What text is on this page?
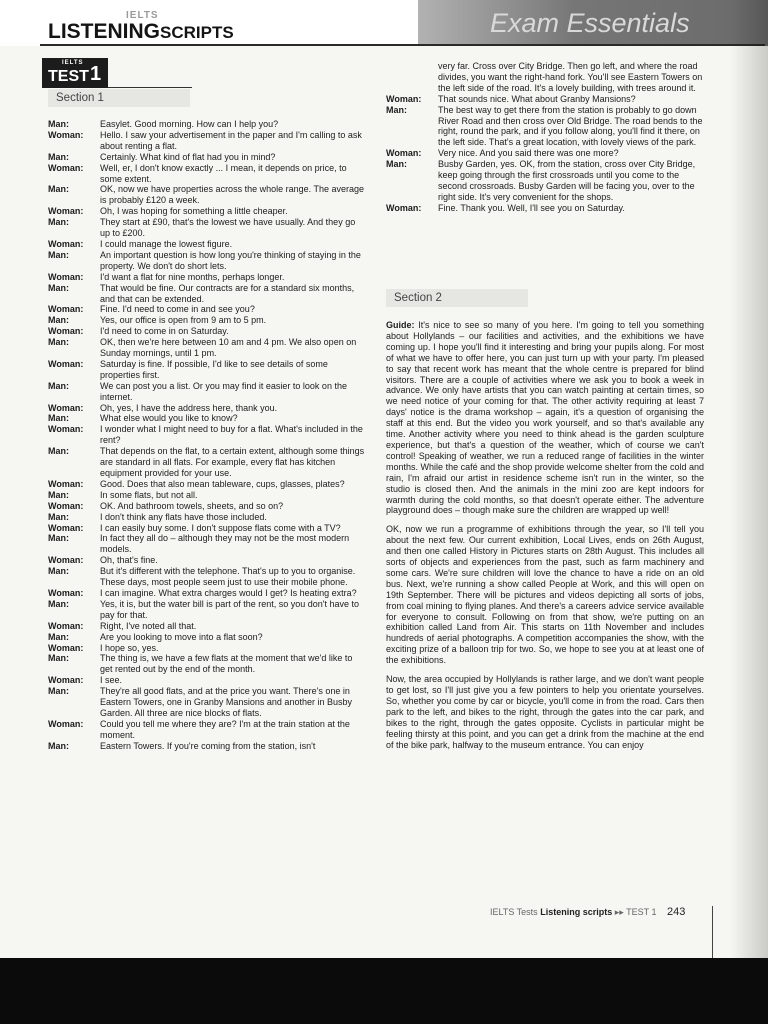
IELTS
LISTENINGSCRIPTS	Exam Essentials
IELTS
TEST 1
Section 1
Man:	Easylet. Good morning. How can I help you?
Woman:	Hello. I saw your advertisement in the paper and I'm calling to ask about renting a flat.
Man:	Certainly. What kind of flat had you in mind?
Woman:	Well, er, I don't know exactly ... I mean, it depends on price, to some extent.
Man:	OK, now we have properties across the whole range. The average is probably £120 a week.
Woman:	Oh, I was hoping for something a little cheaper.
Man:	They start at £90, that's the lowest we have usually. And they go up to £200.
Woman:	I could manage the lowest figure.
Man:	An important question is how long you're thinking of staying in the property. We don't do short lets.
Woman:	I'd want a flat for nine months, perhaps longer.
Man:	That would be fine. Our contracts are for a standard six months, and that can be extended.
Woman:	Fine. I'd need to come in and see you?
Man:	Yes, our office is open from 9 am to 5 pm.
Woman:	I'd need to come in on Saturday.
Man:	OK, then we're here between 10 am and 4 pm. We also open on Sunday mornings, until 1 pm.
Woman:	Saturday is fine. If possible, I'd like to see details of some properties first.
Man:	We can post you a list. Or you may find it easier to look on the internet.
Woman:	Oh, yes, I have the address here, thank you.
Man:	What else would you like to know?
Woman:	I wonder what I might need to buy for a flat. What's included in the rent?
Man:	That depends on the flat, to a certain extent, although some things are standard in all flats. For example, every flat has kitchen equipment provided for your use.
Woman:	Good. Does that also mean tableware, cups, glasses, plates?
Man:	In some flats, but not all.
Woman:	OK. And bathroom towels, sheets, and so on?
Man:	I don't think any flats have those included.
Woman:	I can easily buy some. I don't suppose flats come with a TV?
Man:	In fact they all do – although they may not be the most modern models.
Woman:	Oh, that's fine.
Man:	But it's different with the telephone. That's up to you to organise. These days, most people seem just to use their mobile phone.
Woman:	I can imagine. What extra charges would I get? Is heating extra?
Man:	Yes, it is, but the water bill is part of the rent, so you don't have to pay for that.
Woman:	Right, I've noted all that.
Man:	Are you looking to move into a flat soon?
Woman:	I hope so, yes.
Man:	The thing is, we have a few flats at the moment that we'd like to get rented out by the end of the month.
Woman:	I see.
Man:	They're all good flats, and at the price you want. There's one in Eastern Towers, one in Granby Mansions and another in Busby Garden. All three are nice blocks of flats.
Woman:	Could you tell me where they are? I'm at the train station at the moment.
Man:	Eastern Towers. If you're coming from the station, isn't
very far. Cross over City Bridge. Then go left, and where the road divides, you want the right-hand fork. You'll see Eastern Towers on the left side of the road. It's a lovely building, with trees around it.
Woman:	That sounds nice. What about Granby Mansions?
Man:	The best way to get there from the station is probably to go down River Road and then cross over Old Bridge. The road bends to the right, round the park, and if you follow along, you'll find it there, on the left side. That's a great location, with lovely views of the park.
Woman:	Very nice. And you said there was one more?
Man:	Busby Garden, yes. OK, from the station, cross over City Bridge, keep going through the first crossroads until you come to the second crossroads. Busby Garden will be facing you, over to the right side. It's very convenient for the shops.
Woman:	Fine. Thank you. Well, I'll see you on Saturday.
Section 2
Guide: It's nice to see so many of you here. I'm going to tell you something about Hollylands – our facilities and activities, and the exhibitions we have coming up. I hope you'll find it interesting and bring your pupils along. For most of what we have to offer here, you can just turn up with your party. I'm pleased to say that recent work has meant that the whole centre is prepared for blind visitors. There are a couple of activities where we ask you to book a week in advance. We only have artists that you can watch painting at certain times, so we need notice of your coming for that. The other activity requiring at least 7 days' notice is the drama workshop – again, it's a question of organising the staff at this end. But the video you work yourself, and so that's available any time. Another activity where you need to think ahead is the garden sculpture experience, but that's a question of the weather, which of course we can't control! Speaking of weather, we run a reduced range of facilities in the winter months. While the café and the shop provide welcome shelter from the cold and rain, I'm afraid our artist in residence scheme isn't run in the winter, so the studio is closed then. And the animals in the mini zoo are kept indoors for warmth during the cold months, so that doesn't operate either. The adventure playground does – though make sure the children are wrapped up well!
OK, now we run a programme of exhibitions through the year, so I'll tell you about the next few. Our current exhibition, Local Lives, ends on 26th August, and then one called History in Pictures starts on 28th August. This includes all sorts of objects and experiences from the past, such as farm machinery and some cars. We're sure children will love the chance to have a ride on an old bus. Next, we're running a show called People at Work, and this will open on 19th September. There will be pictures and videos depicting all sorts of jobs, from coal mining to flying planes. And there's a careers advice service available for everyone to consult. Following on from that show, we're putting on an exhibition called Land from Air. This starts on 11th November and includes hundreds of aerial photographs. A competition accompanies the show, with the exciting prize of a balloon trip for two. So, we hope to see you at at least one of the exhibitions.
Now, the area occupied by Hollylands is rather large, and we don't want people to get lost, so I'll just give you a few pointers to help you orientate yourselves. So, whether you come by car or bicycle, you'll come in from the road. Cars then park to the left, and bikes to the right, through the gates into the car park, and bikes to the right, through the gates opposite. Cyclists in particular might be feeling thirsty at this point, and you can get a drink from the machine at the end of the bike park, halfway to the museum entrance. You can enjoy
IELTS Tests Listening scripts ▸▸ TEST 1 243
